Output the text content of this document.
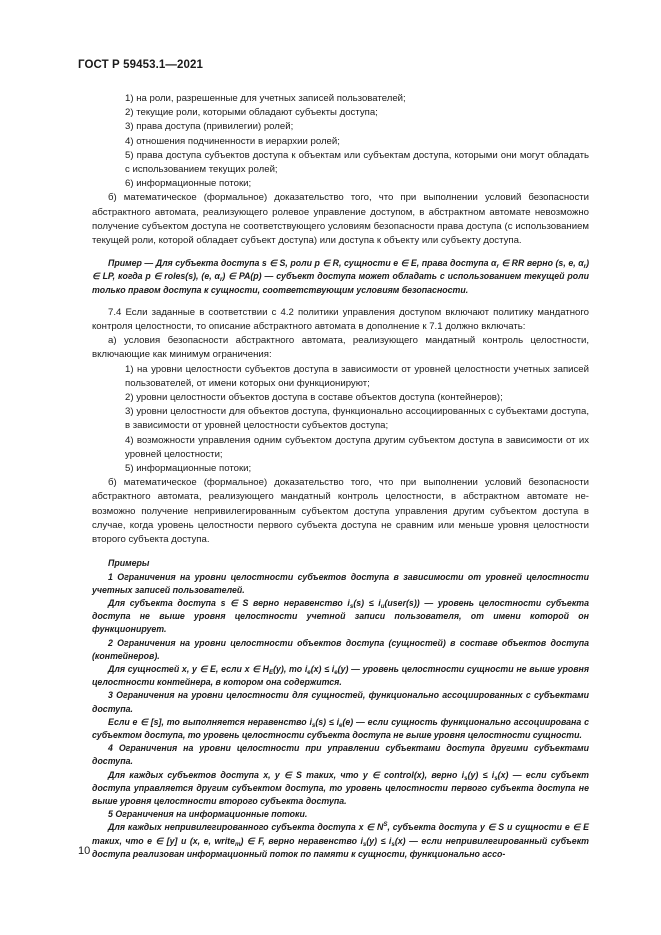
ГОСТ Р 59453.1—2021

1) на роли, разрешенные для учетных записей пользователей;

2) текущие роли, которыми обладают субъекты доступа;

3) права доступа (привилегии) ролей;

4) отношения подчиненности в иерархии ролей;

5) права доступа субъектов доступа к объектам или субъектам доступа, которыми они могут обладать с использованием текущих ролей;

6) информационные потоки;

б) математическое (формальное) доказательство того, что при выполнении условий безопасности абстрактного автомата, реализующего ролевое управление доступом, в абстрактном автомате невозможно получение субъектом доступа не соответствующего условиям безопасности права доступа (с использованием текущей роли, которой обладает субъект доступа) или доступа к объекту или субъекту доступа.

Пример — Для субъекта доступа s ∈ S, роли p ∈ R, сущности e ∈ E, права доступа $\alpha_r$ ∈ RR верно (s, e, $\alpha_r$) ∈ LP, когда p ∈ roles(s), (e, $\alpha_r$) ∈ PA(p) — субъект доступа может обладать с использованием текущей роли только правом доступа к сущности, соответствующим условиям безопасности.

7.4 Если заданные в соответствии с 4.2 политики управления доступом включают политику мандатного контроля целостности, то описание абстрактного автомата в дополнение к 7.1 должно включать:

а) условия безопасности абстрактного автомата, реализующего мандатный контроль целостности, включающие как минимум ограничения:

1) на уровни целостности субъектов доступа в зависимости от уровней целостности учетных записей пользователей, от имени которых они функционируют;

2) уровни целостности объектов доступа в составе объектов доступа (контейнеров);

3) уровни целостности для объектов доступа, функционально ассоциированных с субъектами доступа, в зависимости от уровней целостности субъектов доступа;

4) возможности управления одним субъектом доступа другим субъектом доступа в зависимости от их уровней целостности;

5) информационные потоки;

б) математическое (формальное) доказательство того, что при выполнении условий безопасности абстрактного автомата, реализующего мандатный контроль целостности, в абстрактном автомате невозможно получение непривилегированным субъектом доступа управления другим субъектом доступа в случае, когда уровень целостности первого субъекта доступа не сравним или меньше уровня целостности второго субъекта доступа.

Примеры

1 Ограничения на уровни целостности субъектов доступа в зависимости от уровней целостности учетных записей пользователей.

Для субъекта доступа s ∈ S верно неравенство $i_s(s)$ ≤ $i_u(user(s))$ — уровень целостности субъекта доступа не выше уровня целостности учетной записи пользователя, от имени которой он функционирует.

2 Ограничения на уровни целостности объектов доступа (сущностей) в составе объектов доступа (контейнеров).

Для сущностей x, y ∈ E, если x ∈ $H_E(y)$, то $i_e(x) \le i_e(y)$ — уровень целостности сущности не выше уровня целостности контейнера, в котором она содержится.

3 Ограничения на уровни целостности для сущностей, функционально ассоциированных с субъектами доступа.

Если e ∈ [s], то выполняется неравенство $i_s(s) \le i_e(e)$ — если сущность функционально ассоциирована с субъектом доступа, то уровень целостности субъекта доступа не выше уровня целостности сущности.

4 Ограничения на уровни целостности при управлении субъектами доступа другими субъектами доступа.

Для каждых субъектов доступа x, y ∈ S таких, что y ∈ control(x), верно $i_s(y) \le i_s(x)$ — если субъект доступа управляется другим субъектом доступа, то уровень целостности первого субъекта доступа не выше уровня целостности второго субъекта доступа.

5 Ограничения на информационные потоки.

Для каждых непривилегированного субъекта доступа x ∈ $N^S$, субъекта доступа y ∈ S и сущности e ∈ E таких, что e ∈ [y] и (x, e, write$_m$) ∈ F, верно неравенство $i_s(y) \le i_s(x)$ — если непривилегированный субъект доступа реализован информационный поток по памяти к сущности, функционально ассо-

10
